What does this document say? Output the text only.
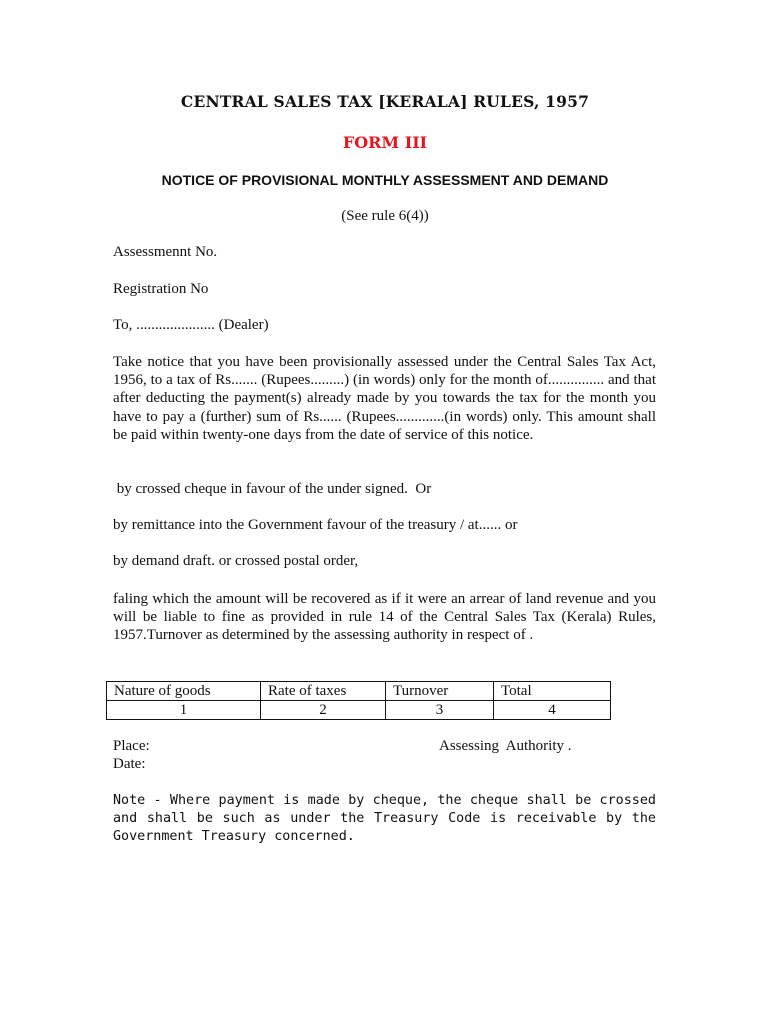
CENTRAL SALES TAX [KERALA] RULES, 1957
FORM III
NOTICE OF PROVISIONAL MONTHLY ASSESSMENT AND DEMAND
(See rule 6(4))
Assessmennt No.
Registration No
To, ..................... (Dealer)
Take notice that you have been provisionally assessed under the Central Sales Tax Act, 1956, to a tax of Rs....... (Rupees.........) (in words) only for the month of............... and that after deducting the payment(s) already made by you towards the tax for the month you have to pay a (further) sum of Rs...... (Rupees.............(in words) only. This amount shall be paid within twenty-one days from the date of service of this notice.
by crossed cheque in favour of the under signed.  Or
by remittance into the Government favour of the treasury / at...... or
by demand draft. or crossed postal order,
faling which the amount will be recovered as if it were an arrear of land revenue and you will be liable to fine as provided in rule 14 of the Central Sales Tax (Kerala) Rules, 1957.Turnover as determined by the assessing authority in respect of .
Nature of goods	Rate of taxes	Turnover	Total
1	2	3	4
Place:	Assessing  Authority .
Date:
Note - Where payment is made by cheque, the cheque shall be crossed and shall be such as under the Treasury Code is receivable by the Government Treasury concerned.
